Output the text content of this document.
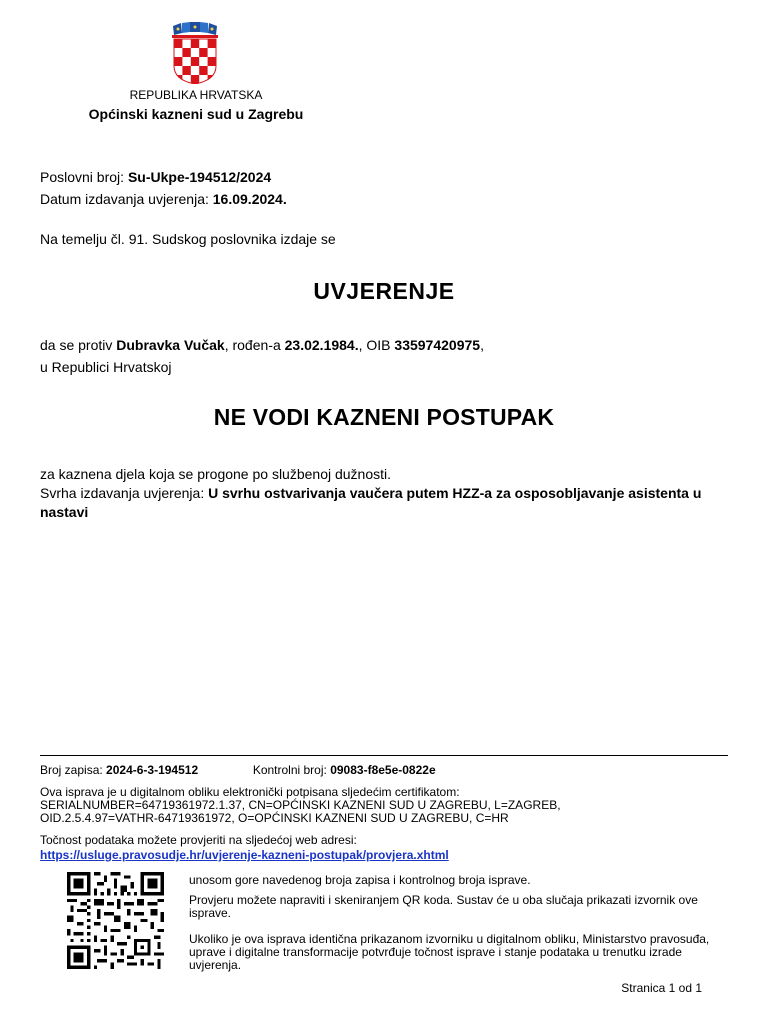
REPUBLIKA HRVATSKA
Općinski kazneni sud u Zagrebu
Poslovni broj: Su-Ukpe-194512/2024
Datum izdavanja uvjerenja: 16.09.2024.
Na temelju čl. 91. Sudskog poslovnika izdaje se
UVJERENJE
da se protiv Dubravka Vučak, rođen-a 23.02.1984., OIB 33597420975,
u Republici Hrvatskoj
NE VODI KAZNENI POSTUPAK
za kaznena djela koja se progone po službenoj dužnosti.
Svrha izdavanja uvjerenja: U svrhu ostvarivanja vaučera putem HZZ-a za osposobljavanje asistenta u nastavi
Broj zapisa: 2024-6-3-194512	Kontrolni broj: 09083-f8e5e-0822e
Ova isprava je u digitalnom obliku elektronički potpisana sljedećim certifikatom:
SERIALNUMBER=64719361972.1.37, CN=OPĆINSKI KAZNENI SUD U ZAGREBU, L=ZAGREB,
OID.2.5.4.97=VATHR-64719361972, O=OPĆINSKI KAZNENI SUD U ZAGREBU, C=HR
Točnost podataka možete provjeriti na sljedećoj web adresi:
https://usluge.pravosudje.hr/uvjerenje-kazneni-postupak/provjera.xhtml
unosom gore navedenog broja zapisa i kontrolnog broja isprave.
Provjeru možete napraviti i skeniranjem QR koda. Sustav će u oba slučaja prikazati izvornik ove isprave.
Ukoliko je ova isprava identična prikazanom izvorniku u digitalnom obliku, Ministarstvo pravosuđa, uprave i digitalne transformacije potvrđuje točnost isprave i stanje podataka u trenutku izrade uvjerenja.
Stranica 1 od 1
